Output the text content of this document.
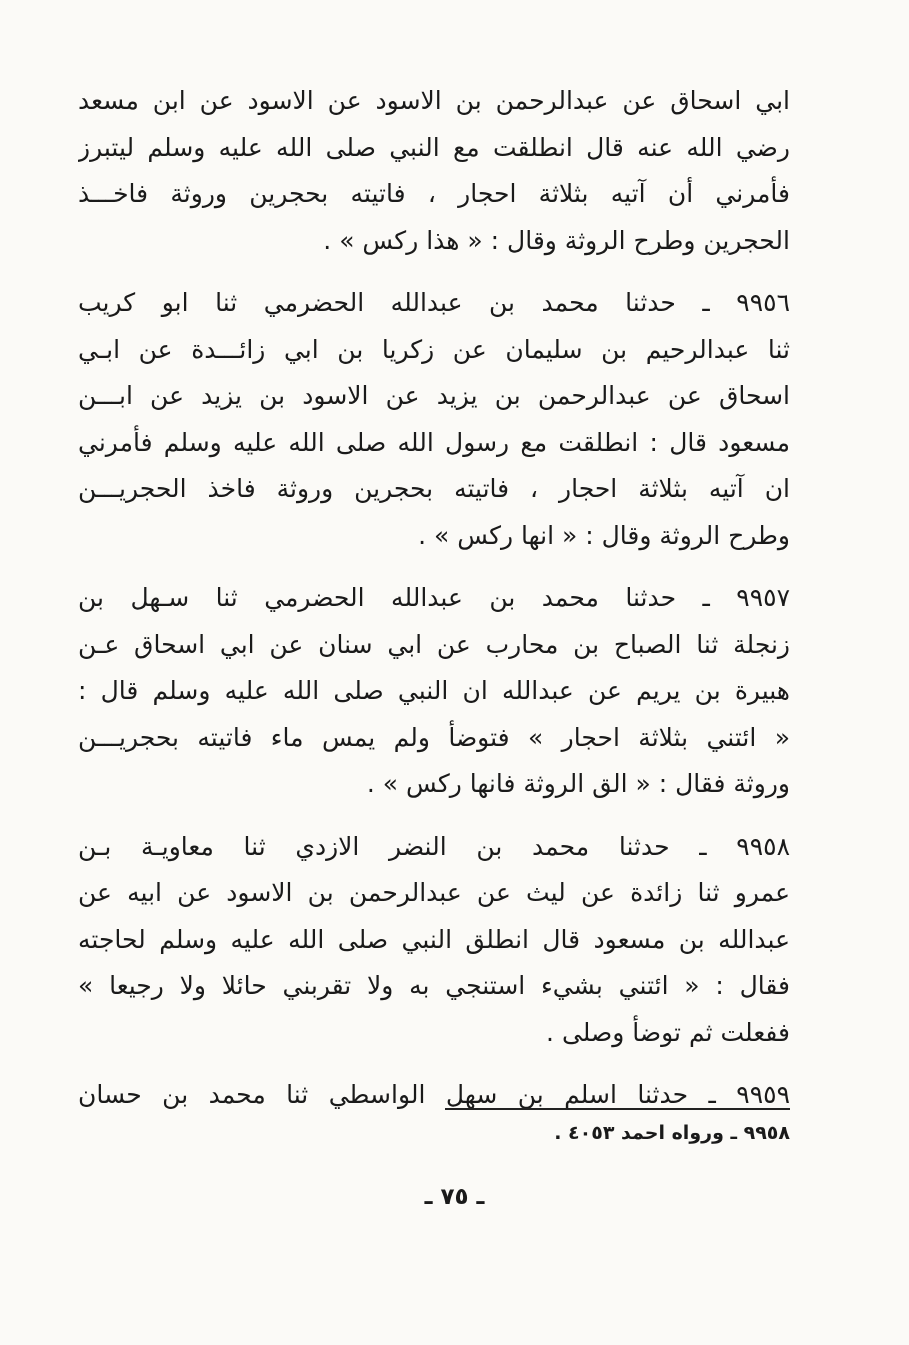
ابي اسحاق عن عبدالرحمن بن الاسود عن الاسود عن ابن مسعد
رضي الله عنه قال انطلقت مع النبي صلى الله عليه وسلم ليتبرز
فأمرني أن آتيه بثلاثة احجار ، فاتيته بحجرين وروثة فاخـــذ
الحجرين وطرح الروثة وقال : « هذا ركس » .
٩٩٥٦ ـ حدثنا محمد بن عبدالله الحضرمي ثنا ابو كريب
ثنا عبدالرحيم بن سليمان عن زكريا بن ابي زائـــدة عن ابـي
اسحاق عن عبدالرحمن بن يزيد عن الاسود بن يزيد عن ابـــن
مسعود قال : انطلقت مع رسول الله صلى الله عليه وسلم فأمرني
ان آتيه بثلاثة احجار ، فاتيته بحجرين وروثة فاخذ الحجريـــن
وطرح الروثة وقال : « انها ركس » .
٩٩٥٧ ـ حدثنا محمد بن عبدالله الحضرمي ثنا سـهل بن
زنجلة ثنا الصباح بن محارب عن ابي سنان عن ابي اسحاق عـن
هبيرة بن يريم عن عبدالله ان النبي صلى الله عليه وسلم قال :
« ائتني بثلاثة احجار » فتوضأ ولم يمس ماء فاتيته بحجريـــن
وروثة فقال : « الق الروثة فانها ركس » .
٩٩٥٨ ـ حدثنا محمد بن النضر الازدي ثنا معاويـة بـن
عمرو ثنا زائدة عن ليث عن عبدالرحمن بن الاسود عن ابيه عن
عبدالله بن مسعود قال انطلق النبي صلى الله عليه وسلم لحاجته
فقال : « ائتني بشيء استنجي به ولا تقربني حائلا ولا رجيعا »
ففعلت ثم توضأ وصلى .
٩٩٥٩ ـ حدثنا اسلم بن سهل الواسطي ثنا محمد بن حسان
٩٩٥٨ ـ ورواه احمد ٤٠٥٣ .
ـ ٧٥ ـ
